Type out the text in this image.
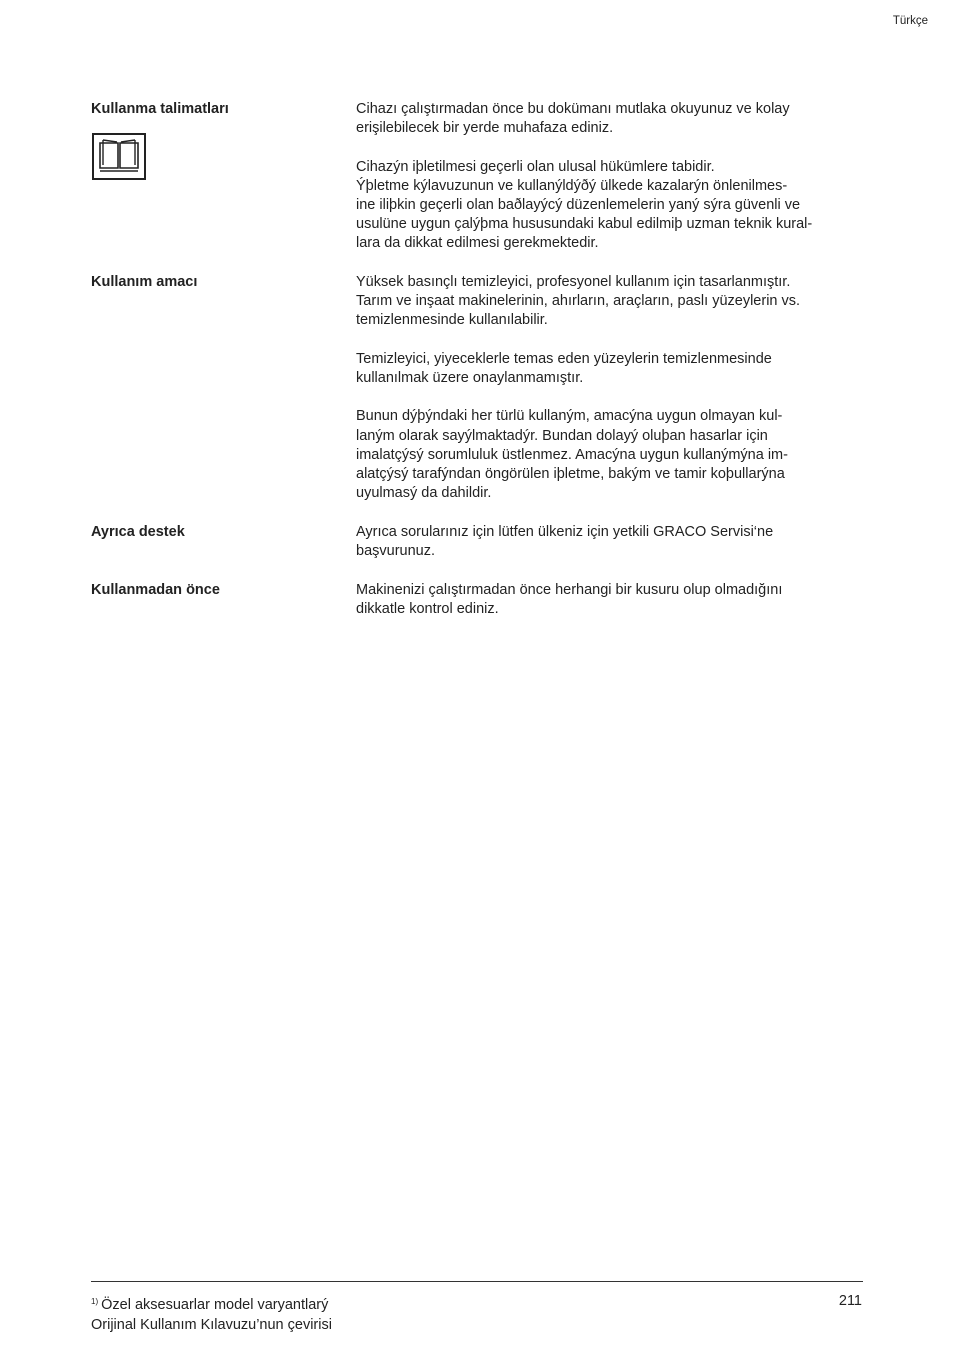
Türkçe
Kullanma talimatları	Cihazı çalıştırmadan önce bu dokümanı mutlaka okuyunuz ve kolay
erişilebilecek bir yerde muhafaza ediniz.

Cihazýn iþletilmesi geçerli olan ulusal hükümlere tabidir.
Ýþletme kýlavuzunun ve kullanýldýðý ülkede kazalarýn önlenilmes-
ine iliþkin geçerli olan baðlayýcý düzenlemelerin yaný sýra güvenli ve
usulüne uygun çalýþma hususundaki kabul edilmiþ uzman teknik kural-
lara da dikkat edilmesi gerekmektedir.

Kullanım amacı	Yüksek basınçlı temizleyici, profesyonel kullanım için tasarlanmıştır.
Tarım ve inşaat makinelerinin, ahırların, araçların, paslı yüzeylerin vs.
temizlenmesinde kullanılabilir.

Temizleyici, yiyeceklerle temas eden yüzeylerin temizlenmesinde
kullanılmak üzere onaylanmamıştır.

Bunun dýþýndaki her türlü kullaným, amacýna uygun olmayan kul-
laným olarak sayýlmaktadýr. Bundan dolayý oluþan hasarlar için
imalatçýsý sorumluluk üstlenmez. Amacýna uygun kullanýmýna im-
alatçýsý tarafýndan öngörülen iþletme, bakým ve tamir koþullarýna
uyulmasý da dahildir.

Ayrıca destek	Ayrıca sorularınız için lütfen ülkeniz için yetkili GRACO Servisi‘ne
başvurunuz.

Kullanmadan önce	Makinenizi çalıştırmadan önce herhangi bir kusuru olup olmadığını
dikkatle kontrol ediniz.

$^{1)}$ Özel aksesuarlar model varyantlarý
Orijinal Kullanım Kılavuzu’nun çevirisi
211
